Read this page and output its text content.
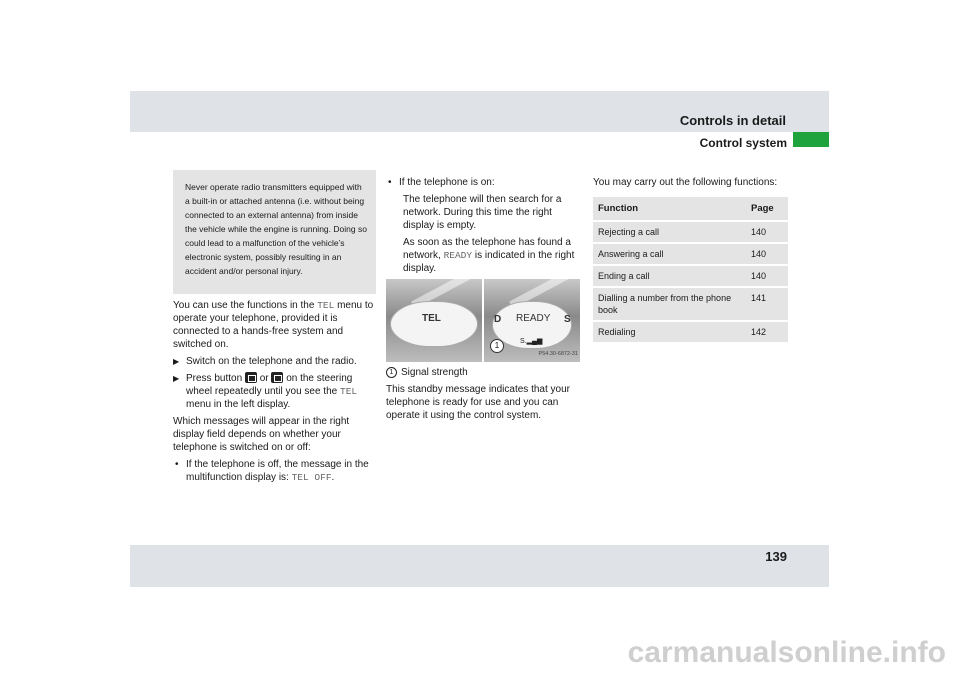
Controls in detail
Control system
Never operate radio transmitters equipped with a built-in or attached antenna (i.e. without being connected to an external antenna) from inside the vehicle while the engine is running. Doing so could lead to a malfunction of the vehicle’s electronic system, possibly resulting in an accident and/or personal injury.
You can use the functions in the TEL menu to operate your telephone, provided it is connected to a hands-free system and switched on.
▶ Switch on the telephone and the radio.
▶ Press button or on the steering wheel repeatedly until you see the TEL menu in the left display.
Which messages will appear in the right display field depends on whether your telephone is switched on or off:
• If the telephone is off, the message in the multifunction display is: TEL OFF.
• If the telephone is on:
The telephone will then search for a network. During this time the right display is empty.
As soon as the telephone has found a network, READY is indicated in the right display.
TEL	D READY S
1	S.▂▄▆
P54.30-6872-31
1 Signal strength
This standby message indicates that your telephone is ready for use and you can operate it using the control system.
You may carry out the following functions:
Function	Page
Rejecting a call	140
Answering a call	140
Ending a call	140
Dialling a number from the phone book	141
Redialing	142
139
carmanualsonline.info
